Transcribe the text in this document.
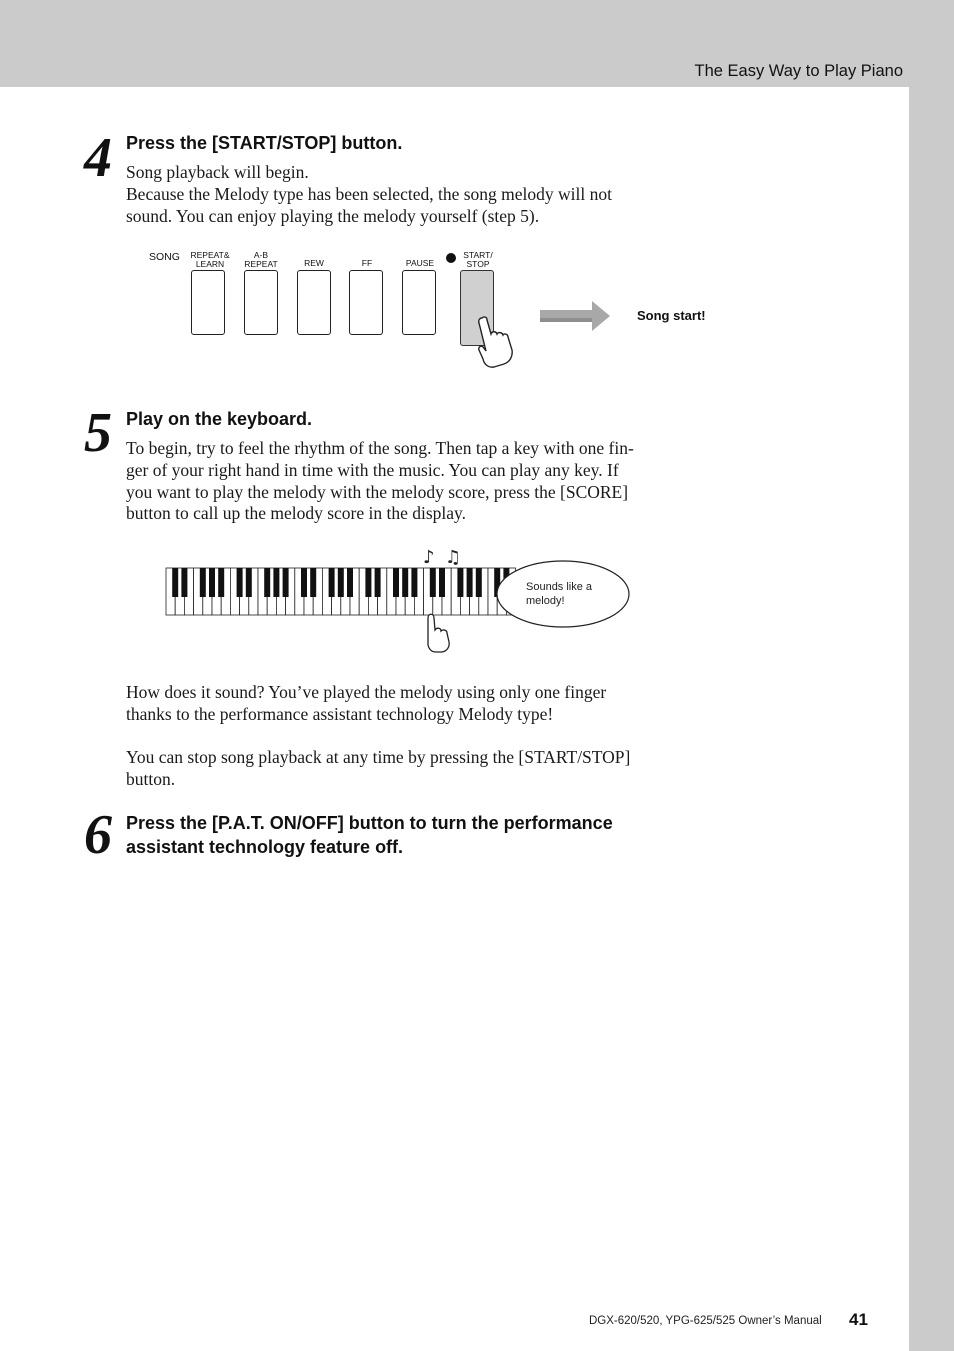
The Easy Way to Play Piano
4 Press the [START/STOP] button.

Song playback will begin.

Because the Melody type has been selected, the song melody will not

sound. You can enjoy playing the melody yourself (step 5).

SONG	REPEAT&
LEARN
A-B
REPEAT	REW	FF	PAUSE
START/
STOP
Song start!
5 Play on the keyboard.

To begin, try to feel the rhythm of the song. Then tap a key with one fin-

ger of your right hand in time with the music. You can play any key. If

you want to play the melody with the melody score, press the [SCORE]

button to call up the melody score in the display.

♪ ♫
Sounds like a melody!

How does it sound? You’ve played the melody using only one finger

thanks to the performance assistant technology Melody type!

You can stop song playback at any time by pressing the [START/STOP]

button.

6 Press the [P.A.T. ON/OFF] button to turn the performance
assistant technology feature off.
DGX-620/520, YPG-625/525 Owner’s Manual 41
